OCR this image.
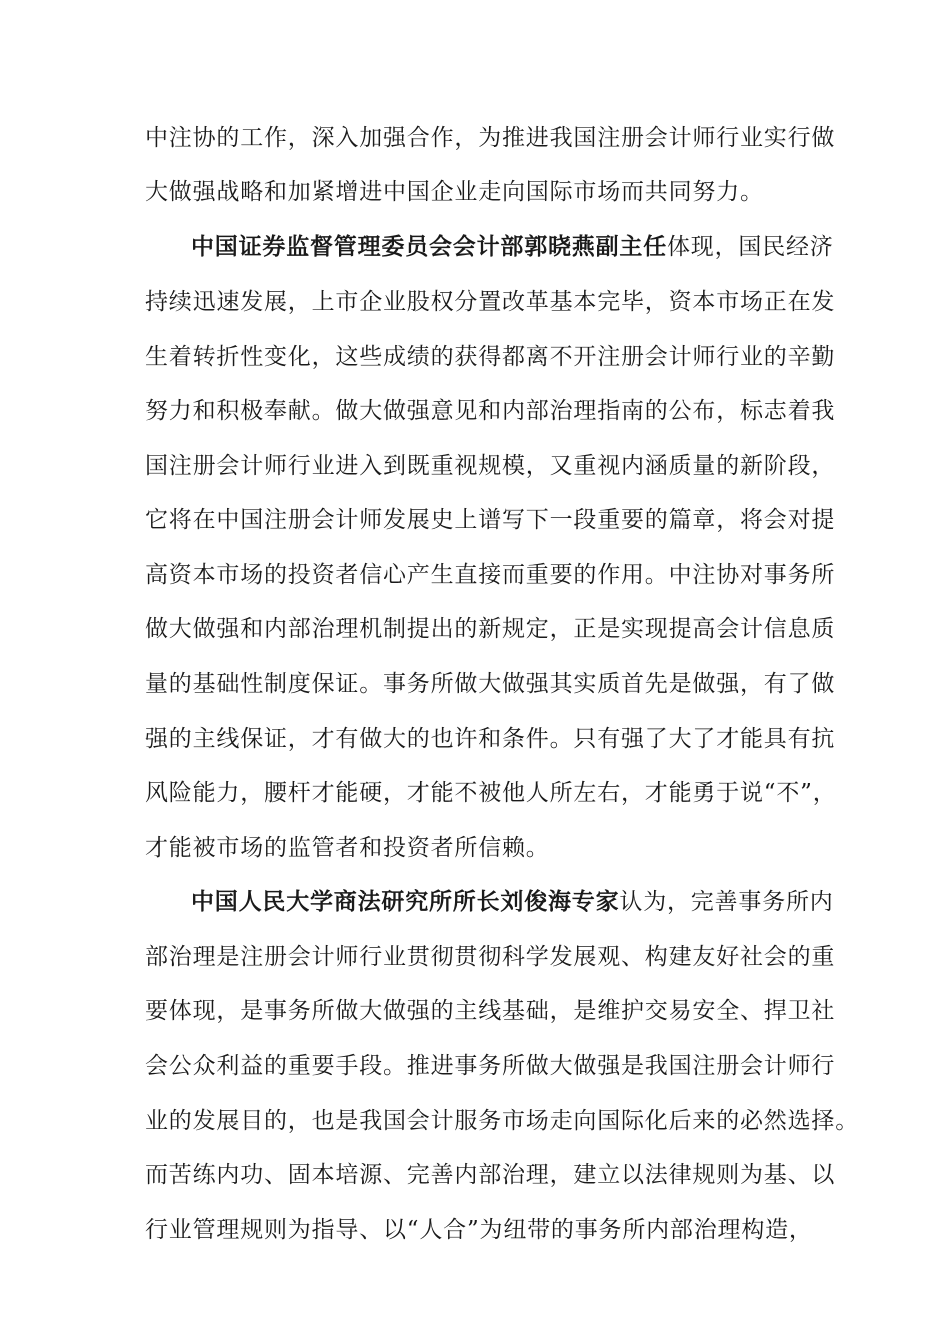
中注协的工作，深入加强合作，为推进我国注册会计师行业实行做
大做强战略和加紧增进中国企业走向国际市场而共同努力。
中国证券监督管理委员会会计部郭晓燕副主任体现，国民经济
持续迅速发展，上市企业股权分置改革基本完毕，资本市场正在发
生着转折性变化，这些成绩的获得都离不开注册会计师行业的辛勤
努力和积极奉献。做大做强意见和内部治理指南的公布，标志着我
国注册会计师行业进入到既重视规模，又重视内涵质量的新阶段，
它将在中国注册会计师发展史上谱写下一段重要的篇章，将会对提
高资本市场的投资者信心产生直接而重要的作用。中注协对事务所
做大做强和内部治理机制提出的新规定，正是实现提高会计信息质
量的基础性制度保证。事务所做大做强其实质首先是做强，有了做
强的主线保证，才有做大的也许和条件。只有强了大了才能具有抗
风险能力，腰杆才能硬，才能不被他人所左右，才能勇于说“不”，
才能被市场的监管者和投资者所信赖。
中国人民大学商法研究所所长刘俊海专家认为，完善事务所内
部治理是注册会计师行业贯彻贯彻科学发展观、构建友好社会的重
要体现，是事务所做大做强的主线基础，是维护交易安全、捍卫社
会公众利益的重要手段。推进事务所做大做强是我国注册会计师行
业的发展目的，也是我国会计服务市场走向国际化后来的必然选择。
而苦练内功、固本培源、完善内部治理，建立以法律规则为基、以
行业管理规则为指导、以“人合”为纽带的事务所内部治理构造，
